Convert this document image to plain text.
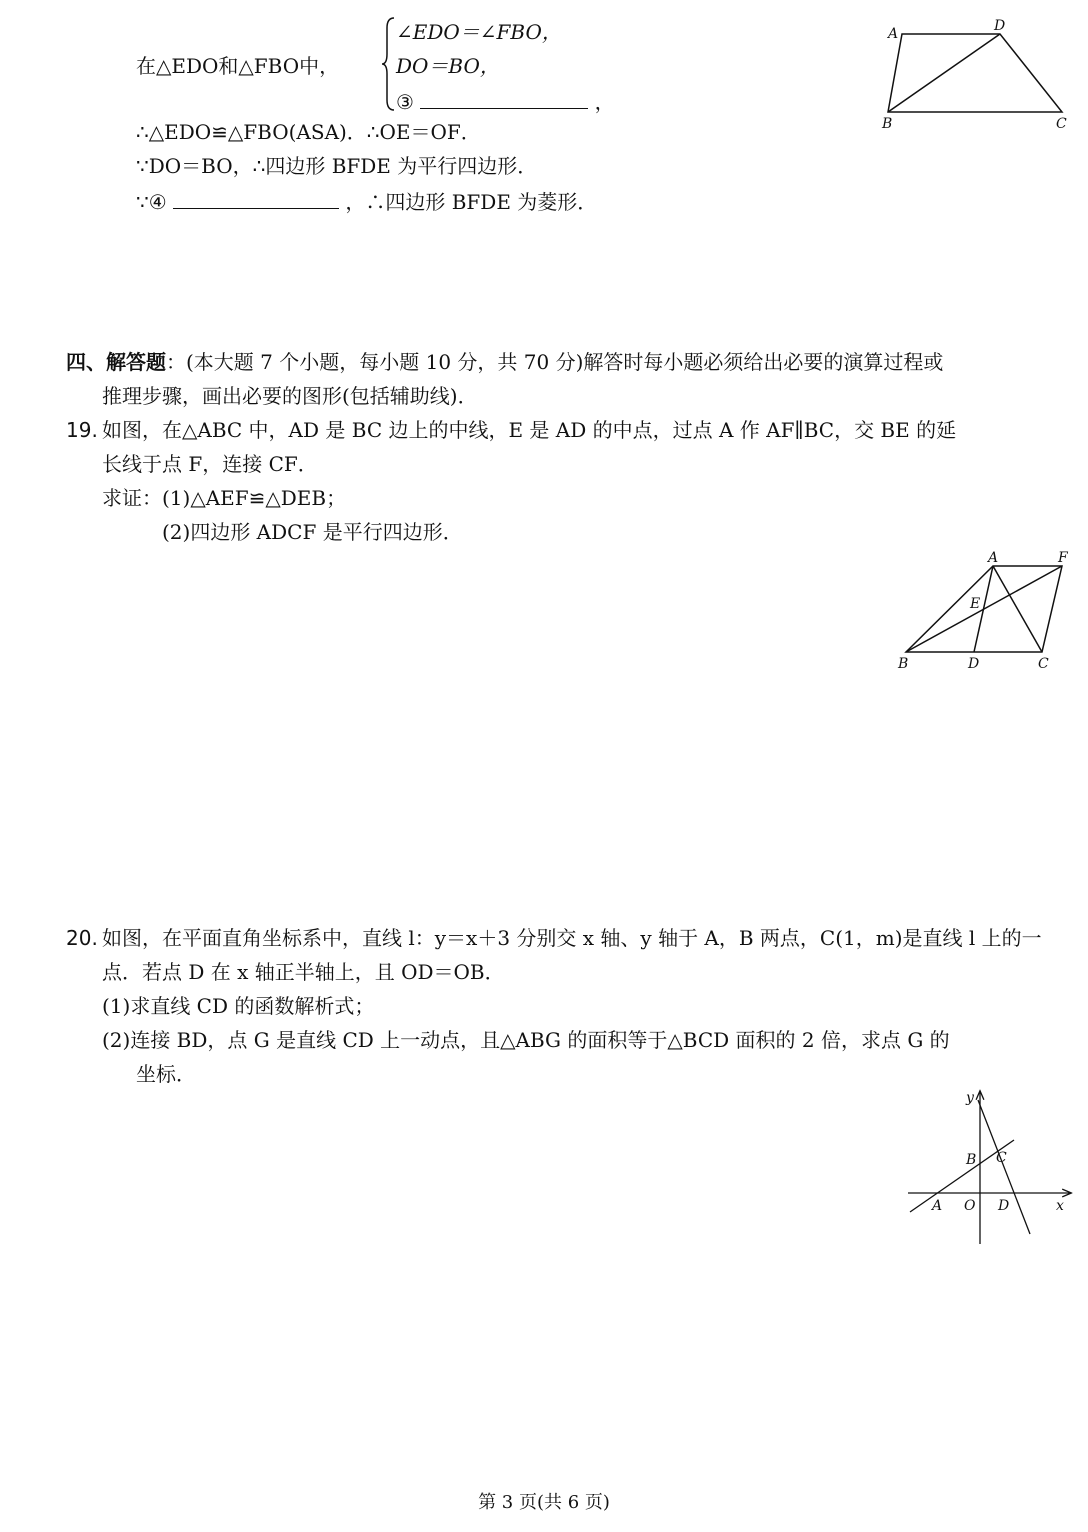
在△EDO和△FBO中，
∠EDO＝∠FBO，
DO＝BO，
③	，
∴△EDO≌△FBO(ASA)．∴OE＝OF．
∵DO＝BO，∴四边形 BFDE 为平行四边形．
∵④	，∴四边形 BFDE 为菱形．
A	D
B	C
四、解答题：(本大题 7 个小题，每小题 10 分，共 70 分)解答时每小题必须给出必要的演算过程或
推理步骤，画出必要的图形(包括辅助线)．
19. 如图，在△ABC 中，AD 是 BC 边上的中线，E 是 AD 的中点，过点 A 作 AF∥BC，交 BE 的延
长线于点 F，连接 CF．
求证：(1)△AEF≌△DEB；
(2)四边形 ADCF 是平行四边形．
A	F
E
B	D	C
20. 如图，在平面直角坐标系中，直线 l：y＝x＋3 分别交 x 轴、y 轴于 A，B 两点，C(1，m)是直线 l 上的一
点．若点 D 在 x 轴正半轴上，且 OD＝OB．
(1)求直线 CD 的函数解析式；
(2)连接 BD，点 G 是直线 CD 上一动点，且△ABG 的面积等于△BCD 面积的 2 倍，求点 G 的
坐标．
y
x
B C
A O D
第 3 页(共 6 页)
